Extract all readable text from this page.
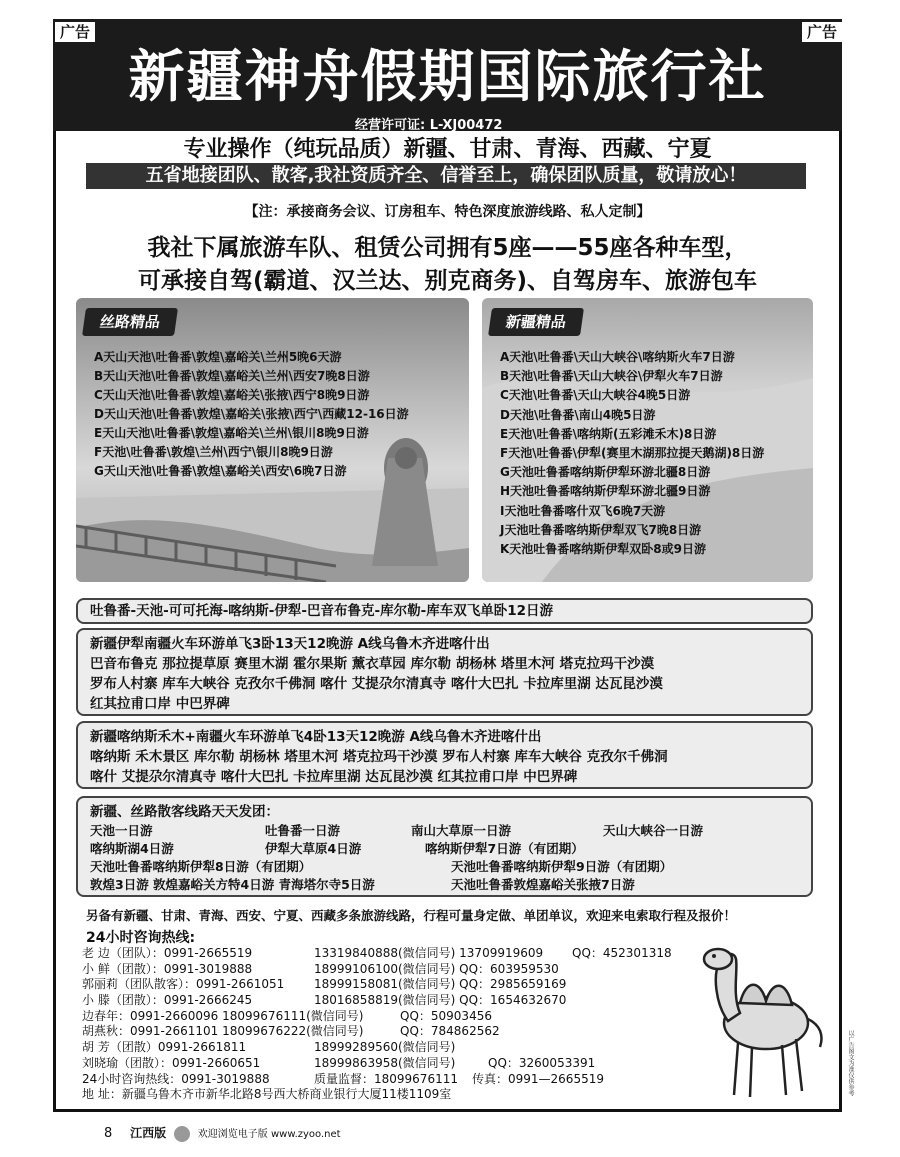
广告	广告
新疆神舟假期国际旅行社
经营许可证: L-XJ00472
专业操作（纯玩品质）新疆、甘肃、青海、西藏、宁夏
五省地接团队、散客,我社资质齐全、信誉至上，确保团队质量，敬请放心！
【注：承接商务会议、订房租车、特色深度旅游线路、私人定制】
我社下属旅游车队、租赁公司拥有5座——55座各种车型，
可承接自驾(霸道、汉兰达、别克商务)、自驾房车、旅游包车
丝路精品
A天山天池\吐鲁番\敦煌\嘉峪关\兰州5晚6天游
B天山天池\吐鲁番\敦煌\嘉峪关\兰州\西安7晚8日游
C天山天池\吐鲁番\敦煌\嘉峪关\张掖\西宁8晚9日游
D天山天池\吐鲁番\敦煌\嘉峪关\张掖\西宁\西藏12-16日游
E天山天池\吐鲁番\敦煌\嘉峪关\兰州\银川8晚9日游
F天池\吐鲁番\敦煌\兰州\西宁\银川8晚9日游
G天山天池\吐鲁番\敦煌\嘉峪关\西安\6晚7日游
新疆精品
A天池\吐鲁番\天山大峡谷\喀纳斯火车7日游
B天池\吐鲁番\天山大峡谷\伊犁火车7日游
C天池\吐鲁番\天山大峡谷4晚5日游
D天池\吐鲁番\南山4晚5日游
E天池\吐鲁番\喀纳斯(五彩滩禾木)8日游
F天池\吐鲁番\伊犁(赛里木湖那拉提天鹅湖)8日游
G天池吐鲁番喀纳斯伊犁环游北疆8日游
H天池吐鲁番喀纳斯伊犁环游北疆9日游
I天池吐鲁番喀什双飞6晚7天游
J天池吐鲁番喀纳斯伊犁双飞7晚8日游
K天池吐鲁番喀纳斯伊犁双卧8或9日游
吐鲁番-天池-可可托海-喀纳斯-伊犁-巴音布鲁克-库尔勒-库车双飞单卧12日游
新疆伊犁南疆火车环游单飞3卧13天12晚游 A线乌鲁木齐进喀什出
巴音布鲁克 那拉提草原 赛里木湖 霍尔果斯 薰衣草园 库尔勒 胡杨林 塔里木河 塔克拉玛干沙漠
罗布人村寨 库车大峡谷 克孜尔千佛洞 喀什 艾提尕尔清真寺 喀什大巴扎 卡拉库里湖 达瓦昆沙漠
红其拉甫口岸 中巴界碑
新疆喀纳斯禾木+南疆火车环游单飞4卧13天12晚游 A线乌鲁木齐进喀什出
喀纳斯 禾木景区 库尔勒 胡杨林 塔里木河 塔克拉玛干沙漠 罗布人村寨 库车大峡谷 克孜尔千佛洞
喀什 艾提尕尔清真寺 喀什大巴扎 卡拉库里湖 达瓦昆沙漠 红其拉甫口岸 中巴界碑
新疆、丝路散客线路天天发团：
天池一日游	吐鲁番一日游	南山大草原一日游	天山大峡谷一日游
喀纳斯湖4日游	伊犁大草原4日游	喀纳斯伊犁7日游（有团期）
天池吐鲁番喀纳斯伊犁8日游（有团期）	天池吐鲁番喀纳斯伊犁9日游（有团期）
敦煌3日游 敦煌嘉峪关方特4日游 青海塔尔寺5日游	天池吐鲁番敦煌嘉峪关张掖7日游
另备有新疆、甘肃、青海、西安、宁夏、西藏多条旅游线路，行程可量身定做、单团单议，欢迎来电索取行程及报价！
24小时咨询热线:
老 边（团队）：0991-2665519	13319840888(微信同号) 13709919609 QQ：452301318
小 鲜（团散）：0991-3019888	18999106100(微信同号) QQ：603959530
郭丽莉（团队散客）：0991-2661051 18999158081(微信同号) QQ：2985659169
小 滕（团散）：0991-2666245	18016858819(微信同号) QQ：1654632670
边春年：0991-2660096 18099676111(微信同号)	QQ：50903456
胡燕秋：0991-2661101 18099676222(微信同号)	QQ：784862562
胡 芳（团散）0991-2661811	18999289560(微信同号)
刘晓瑜（团散）：0991-2660651	18999863958(微信同号)	QQ：3260053391
24小时咨询热线：0991-3019888	质量监督：18099676111 传真：0991—2665519
地 址：新疆乌鲁木齐市新华北路8号西大桥商业银行大厦11楼1109室	以广告图文为准仅供参考
8 江西版	欢迎浏览电子版 www.zyoo.net
